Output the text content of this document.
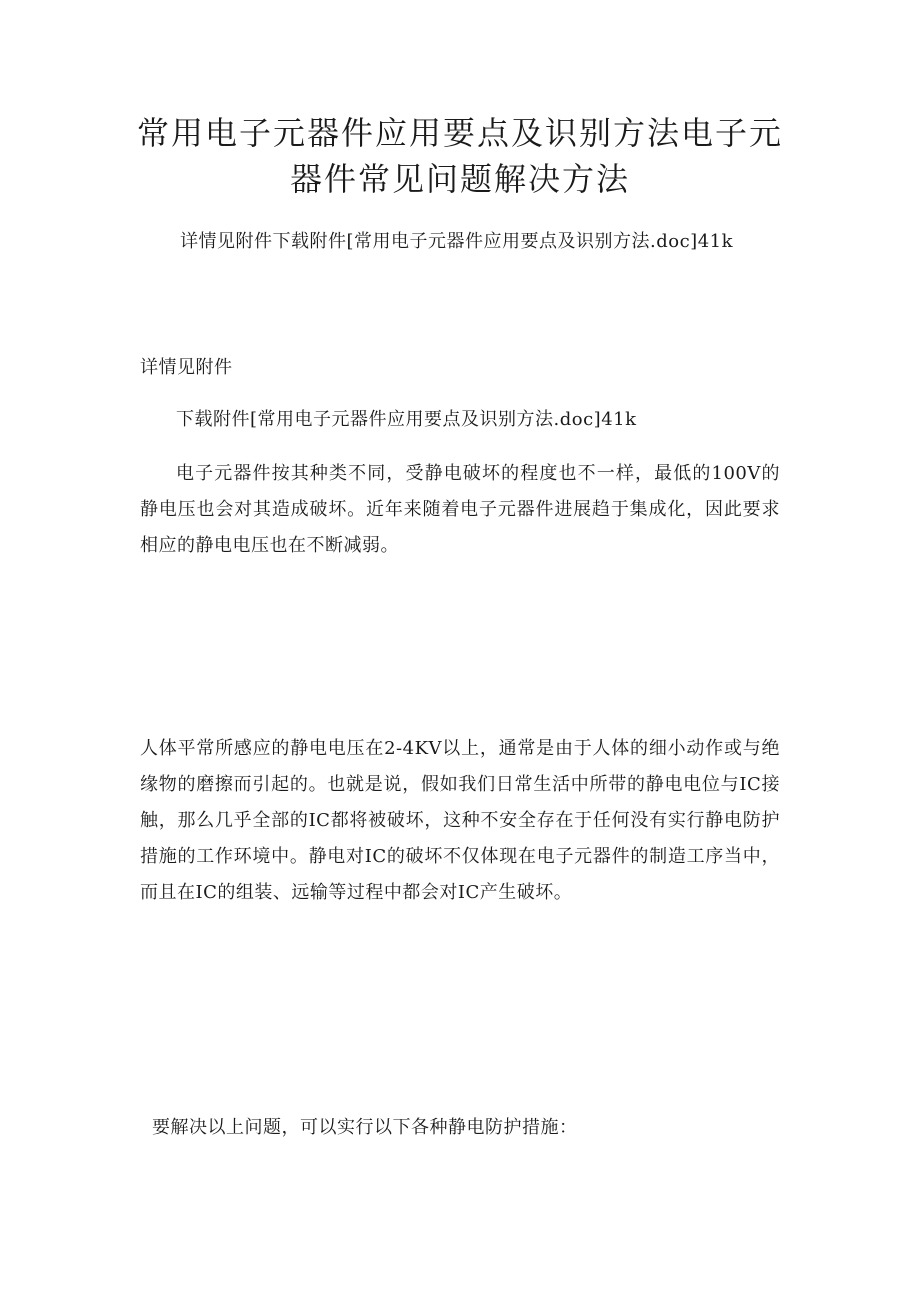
常用电子元器件应用要点及识别方法电子元
器件常见问题解决方法

详情见附件下载附件[常用电子元器件应用要点及识别方法.doc]41k

详情见附件

下载附件[常用电子元器件应用要点及识别方法.doc]41k

电子元器件按其种类不同，受静电破坏的程度也不一样，最低的100V的静电压也会对其造成破坏。近年来随着电子元器件进展趋于集成化，因此要求相应的静电电压也在不断减弱。

人体平常所感应的静电电压在2-4KV以上，通常是由于人体的细小动作或与绝缘物的磨擦而引起的。也就是说，假如我们日常生活中所带的静电电位与IC接触，那么几乎全部的IC都将被破坏，这种不安全存在于任何没有实行静电防护措施的工作环境中。静电对IC的破坏不仅体现在电子元器件的制造工序当中，而且在IC的组装、远输等过程中都会对IC产生破坏。

要解决以上问题，可以实行以下各种静电防护措施：
